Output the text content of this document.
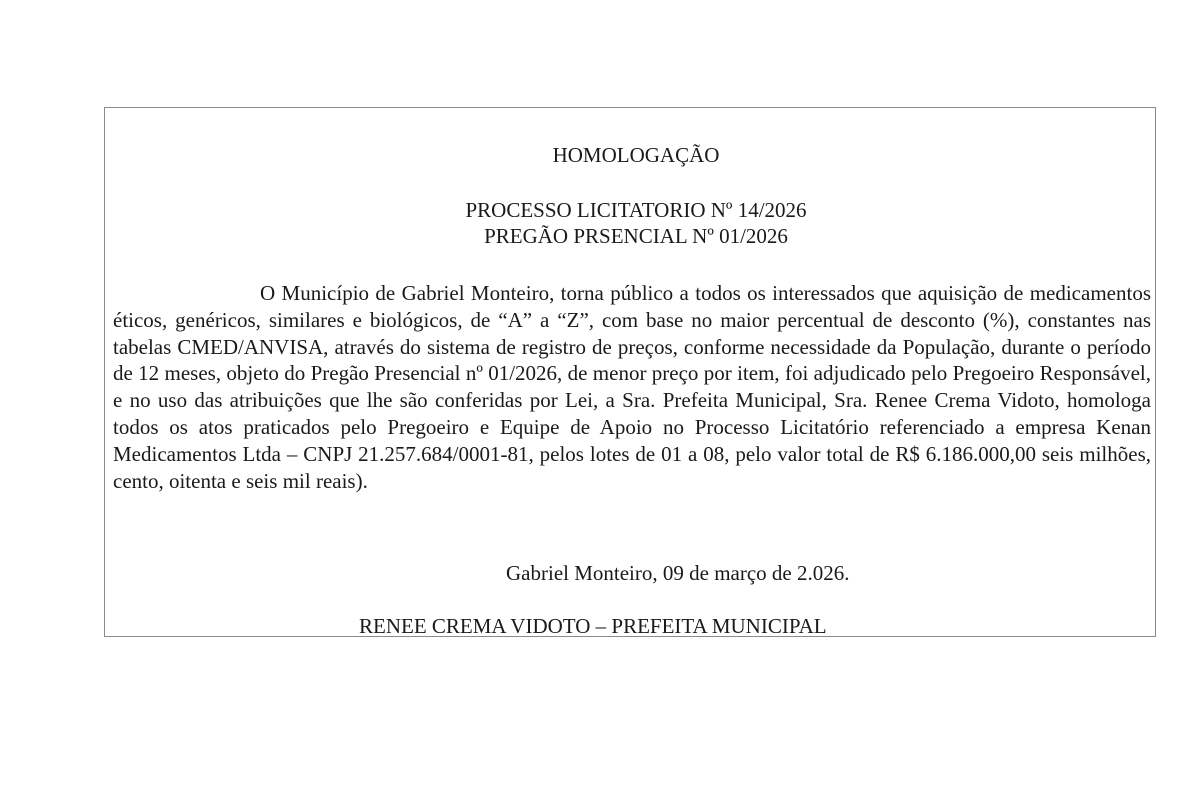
HOMOLOGAÇÃO
PROCESSO LICITATORIO Nº 14/2026
PREGÃO PRSENCIAL Nº 01/2026

O Município de Gabriel Monteiro, torna público a todos os interessados que aquisição de medicamentos éticos, genéricos, similares e biológicos, de “A” a “Z”, com base no maior percentual de desconto (%), constantes nas tabelas CMED/ANVISA, através do sistema de registro de preços, conforme necessidade da População, durante o período de 12 meses, objeto do Pregão Presencial nº 01/2026, de menor preço por item, foi adjudicado pelo Pregoeiro Responsável, e no uso das atribuições que lhe são conferidas por Lei, a Sra. Prefeita Municipal, Sra. Renee Crema Vidoto, homologa todos os atos praticados pelo Pregoeiro e Equipe de Apoio no Processo Licitatório referenciado a empresa Kenan Medicamentos Ltda – CNPJ 21.257.684/0001-81, pelos lotes de 01 a 08, pelo valor total de R$ 6.186.000,00 seis milhões, cento, oitenta e seis mil reais).

Gabriel Monteiro, 09 de março de 2.026.
RENEE CREMA VIDOTO – PREFEITA MUNICIPAL
